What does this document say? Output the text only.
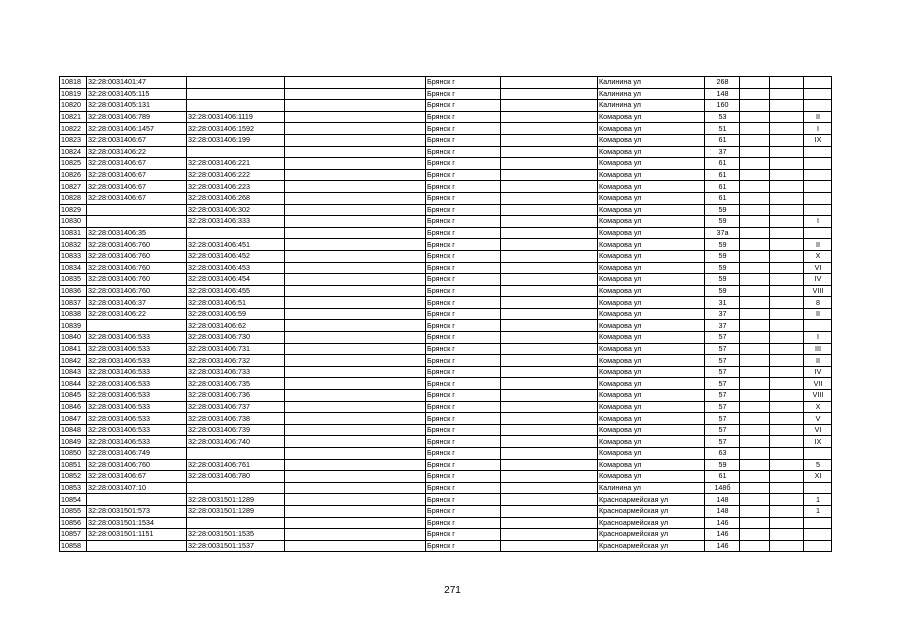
10818	32:28:0031401:47			Брянск г		Калинина ул	268			
10819	32:28:0031405:115			Брянск г		Калинина ул	148			
10820	32:28:0031405:131			Брянск г		Калинина ул	160			
10821	32:28:0031406:789	32:28:0031406:1119		Брянск г		Комарова ул	53			II
10822	32:28:0031406:1457	32:28:0031406:1592		Брянск г		Комарова ул	51			I
10823	32:28:0031406:67	32:28:0031406:199		Брянск г		Комарова ул	61			IX
10824	32:28:0031406:22			Брянск г		Комарова ул	37			
10825	32:28:0031406:67	32:28:0031406:221		Брянск г		Комарова ул	61			
10826	32:28:0031406:67	32:28:0031406:222		Брянск г		Комарова ул	61			
10827	32:28:0031406:67	32:28:0031406:223		Брянск г		Комарова ул	61			
10828	32:28:0031406:67	32:28:0031406:268		Брянск г		Комарова ул	61			
10829		32:28:0031406:302		Брянск г		Комарова ул	59			
10830		32:28:0031406:333		Брянск г		Комарова ул	59			I
10831	32:28:0031406:35			Брянск г		Комарова ул	37а			
10832	32:28:0031406:760	32:28:0031406:451		Брянск г		Комарова ул	59			II
10833	32:28:0031406:760	32:28:0031406:452		Брянск г		Комарова ул	59			X
10834	32:28:0031406:760	32:28:0031406:453		Брянск г		Комарова ул	59			VI
10835	32:28:0031406:760	32:28:0031406:454		Брянск г		Комарова ул	59			IV
10836	32:28:0031406:760	32:28:0031406:455		Брянск г		Комарова ул	59			VIII
10837	32:28:0031406:37	32:28:0031406:51		Брянск г		Комарова ул	31			8
10838	32:28:0031406:22	32:28:0031406:59		Брянск г		Комарова ул	37			II
10839		32:28:0031406:62		Брянск г		Комарова ул	37			
10840	32:28:0031406:533	32:28:0031406:730		Брянск г		Комарова ул	57			I
10841	32:28:0031406:533	32:28:0031406:731		Брянск г		Комарова ул	57			III
10842	32:28:0031406:533	32:28:0031406:732		Брянск г		Комарова ул	57			II
10843	32:28:0031406:533	32:28:0031406:733		Брянск г		Комарова ул	57			IV
10844	32:28:0031406:533	32:28:0031406:735		Брянск г		Комарова ул	57			VII
10845	32:28:0031406:533	32:28:0031406:736		Брянск г		Комарова ул	57			VIII
10846	32:28:0031406:533	32:28:0031406:737		Брянск г		Комарова ул	57			X
10847	32:28:0031406:533	32:28:0031406:738		Брянск г		Комарова ул	57			V
10848	32:28:0031406:533	32:28:0031406:739		Брянск г		Комарова ул	57			VI
10849	32:28:0031406:533	32:28:0031406:740		Брянск г		Комарова ул	57			IX
10850	32:28:0031406:749			Брянск г		Комарова ул	63			
10851	32:28:0031406:760	32:28:0031406:761		Брянск г		Комарова ул	59			5
10852	32:28:0031406:67	32:28:0031406:780		Брянск г		Комарова ул	61			XI
10853	32:28:0031407:10			Брянск г		Калинина ул	148б			
10854		32:28:0031501:1289		Брянск г		Красноармейская ул	148			1
10855	32:28:0031501:573	32:28:0031501:1289		Брянск г		Красноармейская ул	148			1
10856	32:28:0031501:1534			Брянск г		Красноармейская ул	146			
10857	32:28:0031501:1151	32:28:0031501:1535		Брянск г		Красноармейская ул	146			
10858		32:28:0031501:1537		Брянск г		Красноармейская ул	146			
271
